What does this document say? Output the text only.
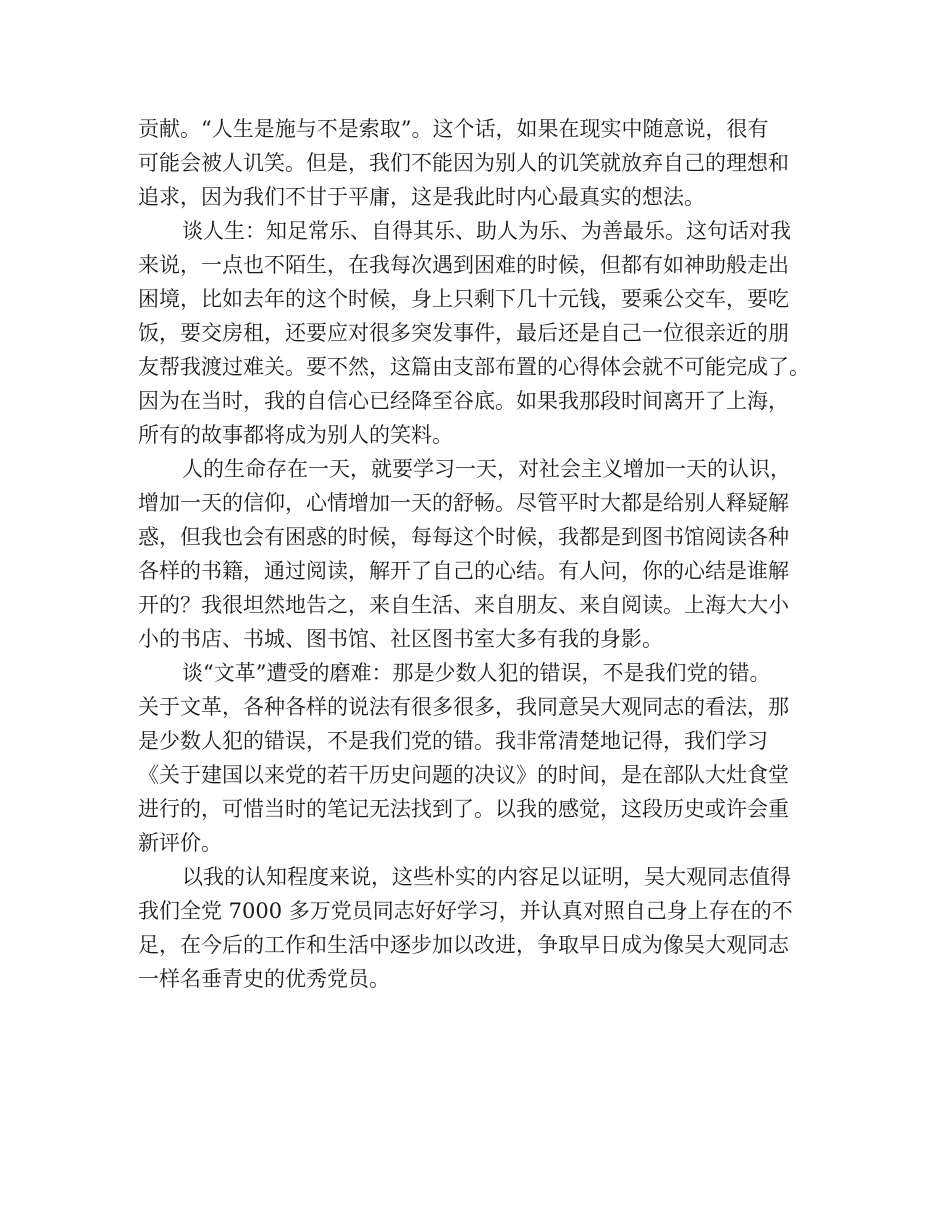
贡献。“人生是施与不是索取”。这个话，如果在现实中随意说，很有
可能会被人讥笑。但是，我们不能因为别人的讥笑就放弃自己的理想和
追求，因为我们不甘于平庸，这是我此时内心最真实的想法。
谈人生：知足常乐、自得其乐、助人为乐、为善最乐。这句话对我
来说，一点也不陌生，在我每次遇到困难的时候，但都有如神助般走出
困境，比如去年的这个时候，身上只剩下几十元钱，要乘公交车，要吃
饭，要交房租，还要应对很多突发事件，最后还是自己一位很亲近的朋
友帮我渡过难关。要不然，这篇由支部布置的心得体会就不可能完成了。
因为在当时，我的自信心已经降至谷底。如果我那段时间离开了上海，
所有的故事都将成为别人的笑料。
人的生命存在一天，就要学习一天，对社会主义增加一天的认识，
增加一天的信仰，心情增加一天的舒畅。尽管平时大都是给别人释疑解
惑，但我也会有困惑的时候，每每这个时候，我都是到图书馆阅读各种
各样的书籍，通过阅读，解开了自己的心结。有人问，你的心结是谁解
开的？我很坦然地告之，来自生活、来自朋友、来自阅读。上海大大小
小的书店、书城、图书馆、社区图书室大多有我的身影。
谈“文革”遭受的磨难：那是少数人犯的错误，不是我们党的错。
关于文革，各种各样的说法有很多很多，我同意吴大观同志的看法，那
是少数人犯的错误，不是我们党的错。我非常清楚地记得，我们学习
《关于建国以来党的若干历史问题的决议》的时间，是在部队大灶食堂
进行的，可惜当时的笔记无法找到了。以我的感觉，这段历史或许会重
新评价。
以我的认知程度来说，这些朴实的内容足以证明，吴大观同志值得
我们全党 7000 多万党员同志好好学习，并认真对照自己身上存在的不
足，在今后的工作和生活中逐步加以改进，争取早日成为像吴大观同志
一样名垂青史的优秀党员。
